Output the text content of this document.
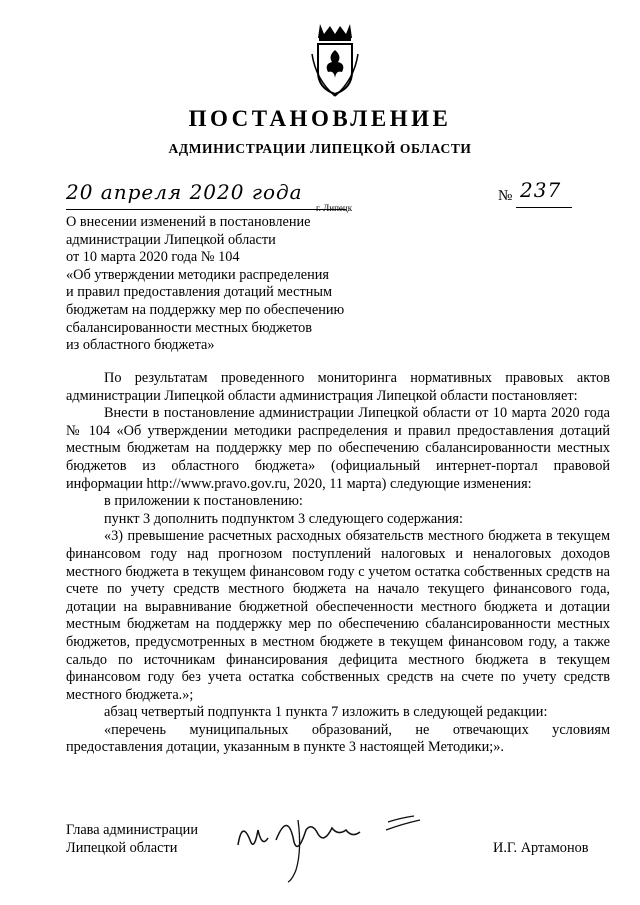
ПОСТАНОВЛЕНИЕ
АДМИНИСТРАЦИИ ЛИПЕЦКОЙ ОБЛАСТИ
20 апреля 2020 года
г. Липецк
№ 237
О внесении изменений в постановление
администрации Липецкой области
от 10 марта 2020 года № 104
«Об утверждении методики распределения
и правил предоставления дотаций местным
бюджетам на поддержку мер по обеспечению
сбалансированности местных бюджетов
из областного бюджета»

По результатам проведенного мониторинга нормативных правовых актов администрации Липецкой области администрация Липецкой области постановляет:

Внести в постановление администрации Липецкой области от 10 марта 2020 года № 104 «Об утверждении методики распределения и правил предоставления дотаций местным бюджетам на поддержку мер по обеспечению сбалансированности местных бюджетов из областного бюджета» (официальный интернет-портал правовой информации http://www.pravo.gov.ru, 2020, 11 марта) следующие изменения:

в приложении к постановлению:

пункт 3 дополнить подпунктом 3 следующего содержания:

«3) превышение расчетных расходных обязательств местного бюджета в текущем финансовом году над прогнозом поступлений налоговых и неналоговых доходов местного бюджета в текущем финансовом году с учетом остатка собственных средств на счете по учету средств местного бюджета на начало текущего финансового года, дотации на выравнивание бюджетной обеспеченности местного бюджета и дотации местным бюджетам на поддержку мер по обеспечению сбалансированности местных бюджетов, предусмотренных в местном бюджете в текущем финансовом году, а также сальдо по источникам финансирования дефицита местного бюджета в текущем финансовом году без учета остатка собственных средств на счете по учету средств местного бюджета.»;

абзац четвертый подпункта 1 пункта 7 изложить в следующей редакции:

«перечень муниципальных образований, не отвечающих условиям предоставления дотации, указанным в пункте 3 настоящей Методики;».

Глава администрации
Липецкой области	И.Г. Артамонов
